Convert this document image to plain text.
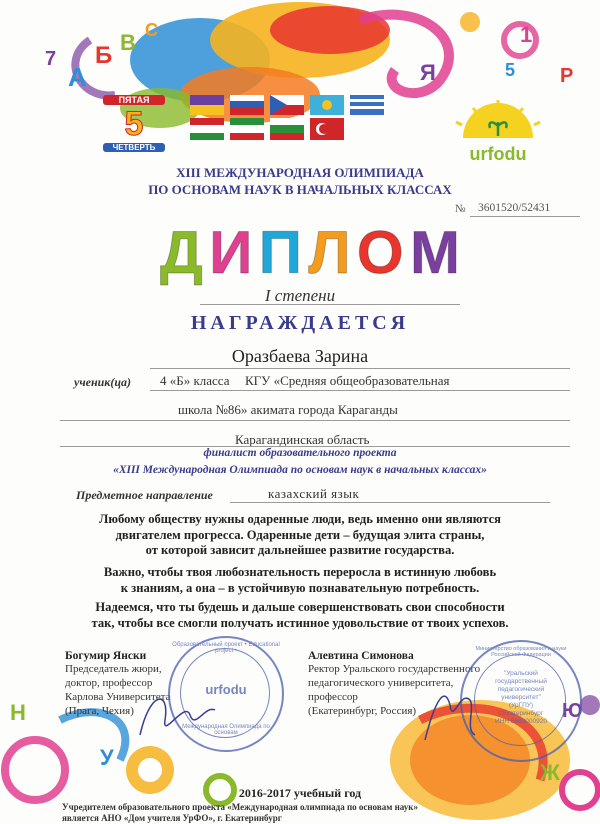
7
А
Б В С	1
Я	5 Р
Н
У
Ж
Ю
ПЯТАЯ
5
ЧЕТВЕРТЬ	urfodu
XIII МЕЖДУНАРОДНАЯ ОЛИМПИАДА
ПО ОСНОВАМ НАУК В НАЧАЛЬНЫХ КЛАССАХ
№ 3601520/52431
Д И П Л О М
I степени
НАГРАЖДАЕТСЯ
Оразбаева Зарина
ученик(ца) 4 «Б» класса КГУ «Средняя общеобразовательная
школа №86» акимата города Караганды
Карагандинская область
финалист образовательного проекта
«XIII Международная Олимпиада по основам наук в начальных классах»
Предметное направление	казахский язык
Любому обществу нужны одаренные люди, ведь именно они являются
двигателем прогресса. Одаренные дети – будущая элита страны,
от которой зависит дальнейшее развитие государства.
Важно, чтобы твоя любознательность переросла в истинную любовь
к знаниям, а она – в устойчивую познавательную потребность.
Надеемся, что ты будешь и дальше совершенствовать свои способности
так, чтобы все смогли получать истинное удовольствие от твоих успехов.
Богумир Янски
Председатель жюри,
доктор, профессор
Карлова Университета
(Прага, Чехия)
Образовательный проект • Educational project •
urfodu
Международная Олимпиада по основам
Алевтина Симонова
Ректор Уральского государственного
педагогического университета,
профессор
(Екатеринбург, Россия)
Министерство образования и науки Российской Федерации
"Уральский
государственный
педагогический
университет"
(УрГПУ)
г.Екатеринбург
ИНН 6663000920
2016-2017 учебный год
Учредителем образовательного проекта «Международная олимпиада по основам наук»
является АНО «Дом учителя УрФО», г. Екатеринбург
